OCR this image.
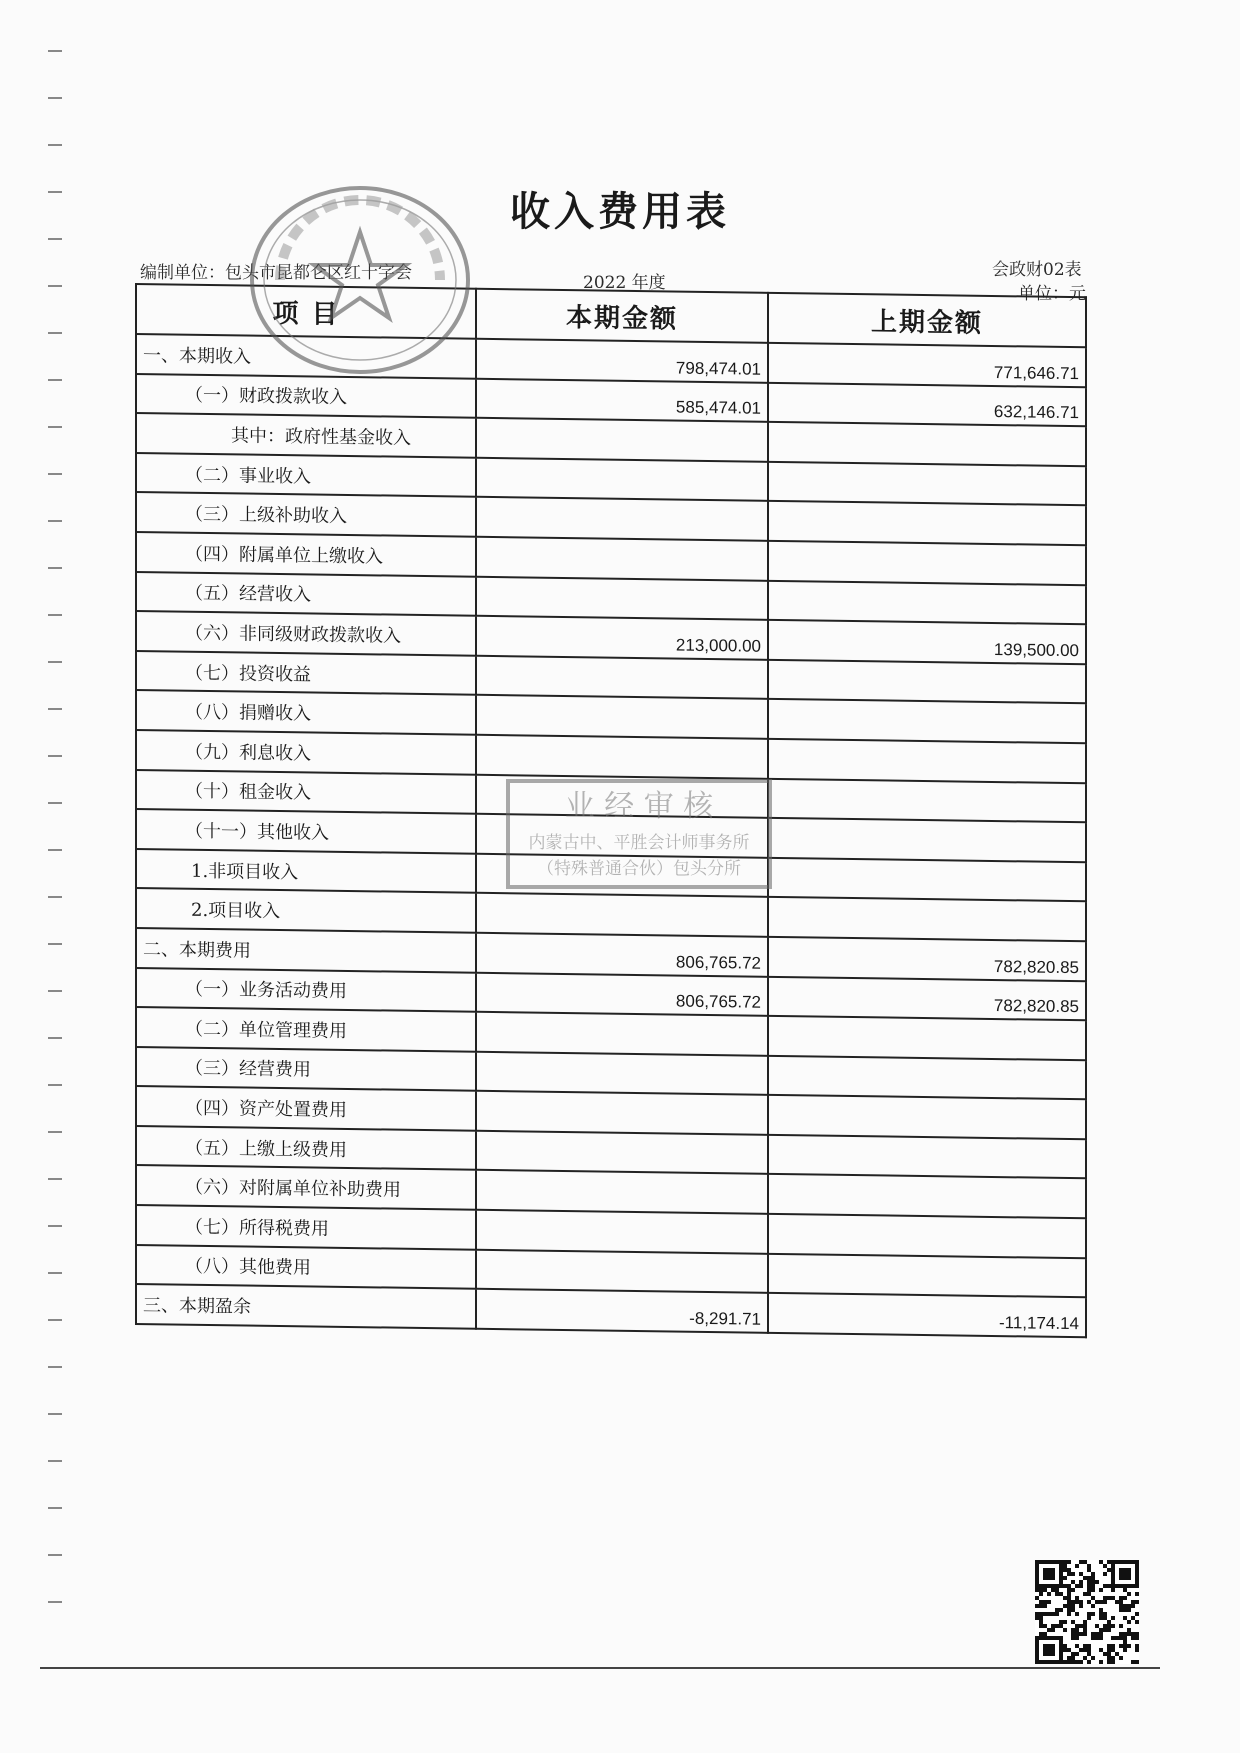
收入费用表
编制单位：包头市昆都仑区红十字会	2022 年度
会政财02表
单位：元
项 目	本期金额	上期金额
一、本期收入	798,474.01	771,646.71
（一）财政拨款收入	585,474.01	632,146.71
其中：政府性基金收入		
（二）事业收入		
（三）上级补助收入		
（四）附属单位上缴收入		
（五）经营收入		
（六）非同级财政拨款收入	213,000.00	139,500.00
（七）投资收益		
（八）捐赠收入		
（九）利息收入		
（十）租金收入		
（十一）其他收入		
1.非项目收入		
2.项目收入		
二、本期费用	806,765.72	782,820.85
（一）业务活动费用	806,765.72	782,820.85
（二）单位管理费用		
（三）经营费用		
（四）资产处置费用		
（五）上缴上级费用		
（六）对附属单位补助费用		
（七）所得税费用		
（八）其他费用		
三、本期盈余	-8,291.71	-11,174.14
业 经 审 核
内蒙古中、平胜会计师事务所
（特殊普通合伙）包头分所
